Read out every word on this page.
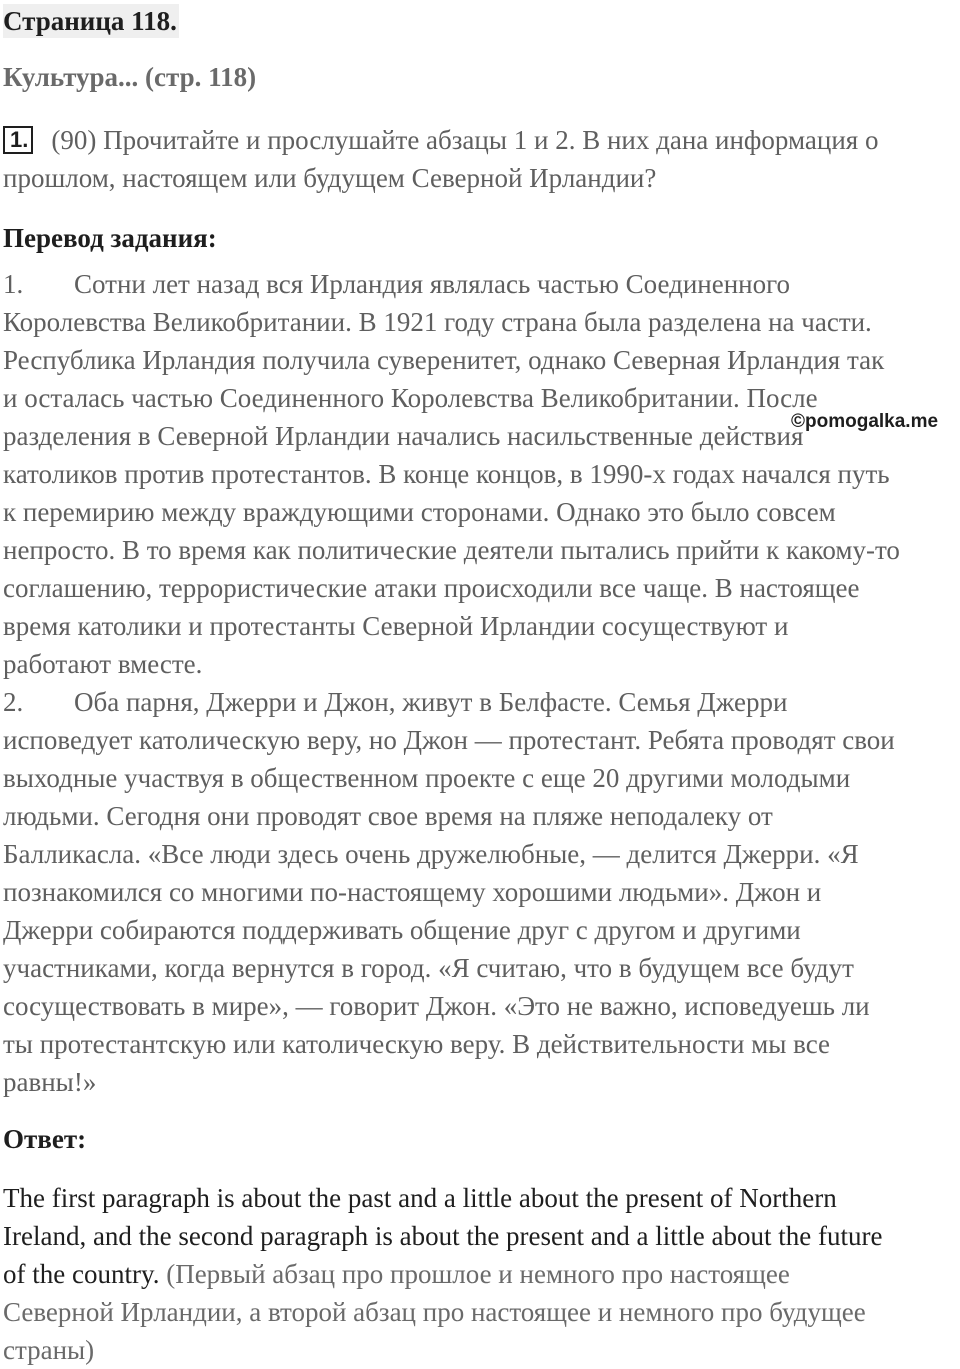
Страница 118.
Культура... (стр. 118)
1. (90) Прочитайте и прослушайте абзацы 1 и 2. В них дана информация о прошлом, настоящем или будущем Северной Ирландии?
Перевод задания:

1. Сотни лет назад вся Ирландия являлась частью Соединенного
Королевства Великобритании. В 1921 году страна была разделена на части.
Республика Ирландия получила суверенитет, однако Северная Ирландия так
и осталась частью Соединенного Королевства Великобритании. После
разделения в Северной Ирландии начались насильственные действия
католиков против протестантов. В конце концов, в 1990-х годах начался путь
к перемирию между враждующими сторонами. Однако это было совсем
непросто. В то время как политические деятели пытались прийти к какому-то
соглашению, террористические атаки происходили все чаще. В настоящее
время католики и протестанты Северной Ирландии сосуществуют и
работают вместе.

2. Оба парня, Джерри и Джон, живут в Белфасте. Семья Джерри
исповедует католическую веру, но Джон — протестант. Ребята проводят свои
выходные участвуя в общественном проекте с еще 20 другими молодыми
людьми. Сегодня они проводят свое время на пляже неподалеку от
Балликасла. «Все люди здесь очень дружелюбные, — делится Джерри. «Я
познакомился со многими по-настоящему хорошими людьми». Джон и
Джерри собираются поддерживать общение друг с другом и другими
участниками, когда вернутся в город. «Я считаю, что в будущем все будут
сосуществовать в мире», — говорит Джон. «Это не важно, исповедуешь ли
ты протестантскую или католическую веру. В действительности мы все
равны!»

Ответ:

The first paragraph is about the past and a little about the present of Northern
Ireland, and the second paragraph is about the present and a little about the future
of the country. (Первый абзац про прошлое и немного про настоящее
Северной Ирландии, а второй абзац про настоящее и немного про будущее
страны)

©pomogalka.me
